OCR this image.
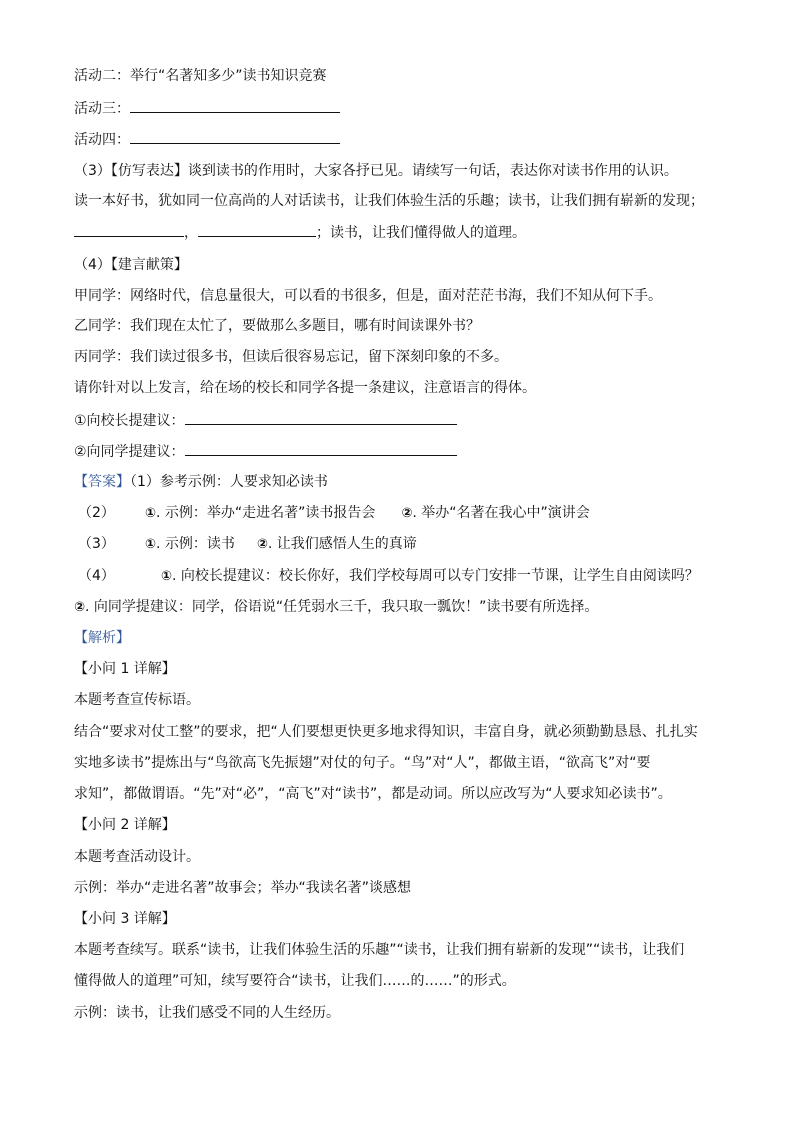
活动二：举行“名著知多少”读书知识竞赛
活动三：
活动四：
（3）【仿写表达】谈到读书的作用时，大家各抒已见。请续写一句话，表达你对读书作用的认识。
读一本好书，犹如同一位高尚的人对话读书，让我们体验生活的乐趣；读书，让我们拥有崭新的发现；
，	；读书，让我们懂得做人的道理。
（4）【建言献策】
甲同学：网络时代，信息量很大，可以看的书很多，但是，面对茫茫书海，我们不知从何下手。
乙同学：我们现在太忙了，要做那么多题目，哪有时间读课外书？
丙同学：我们读过很多书，但读后很容易忘记，留下深刻印象的不多。
请你针对以上发言，给在场的校长和同学各提一条建议，注意语言的得体。
①向校长提建议：
②向同学提建议：
【答案】（1）参考示例：人要求知必读书
（2） ①. 示例：举办“走进名著”读书报告会 ②. 举办“名著在我心中”演讲会
（3） ①. 示例：读书 ②. 让我们感悟人生的真谛
（4）	①. 向校长提建议：校长你好，我们学校每周可以专门安排一节课，让学生自由阅读吗？
②. 向同学提建议：同学，俗语说“任凭弱水三千，我只取一瓢饮！”读书要有所选择。
【解析】
【小问 1 详解】
本题考查宣传标语。
结合“要求对仗工整”的要求，把“人们要想更快更多地求得知识，丰富自身，就必须勤勤恳恳、扎扎实
实地多读书”提炼出与“鸟欲高飞先振翅”对仗的句子。“鸟”对“人”，都做主语，“欲高飞”对“要
求知”，都做谓语。“先”对“必”，“高飞”对“读书”，都是动词。所以应改写为“人要求知必读书”。
【小问 2 详解】
本题考查活动设计。
示例：举办“走进名著”故事会；举办“我读名著”谈感想
【小问 3 详解】
本题考查续写。联系“读书，让我们体验生活的乐趣”“读书，让我们拥有崭新的发现”“读书，让我们
懂得做人的道理”可知，续写要符合“读书，让我们……的……”的形式。
示例：读书，让我们感受不同的人生经历。
